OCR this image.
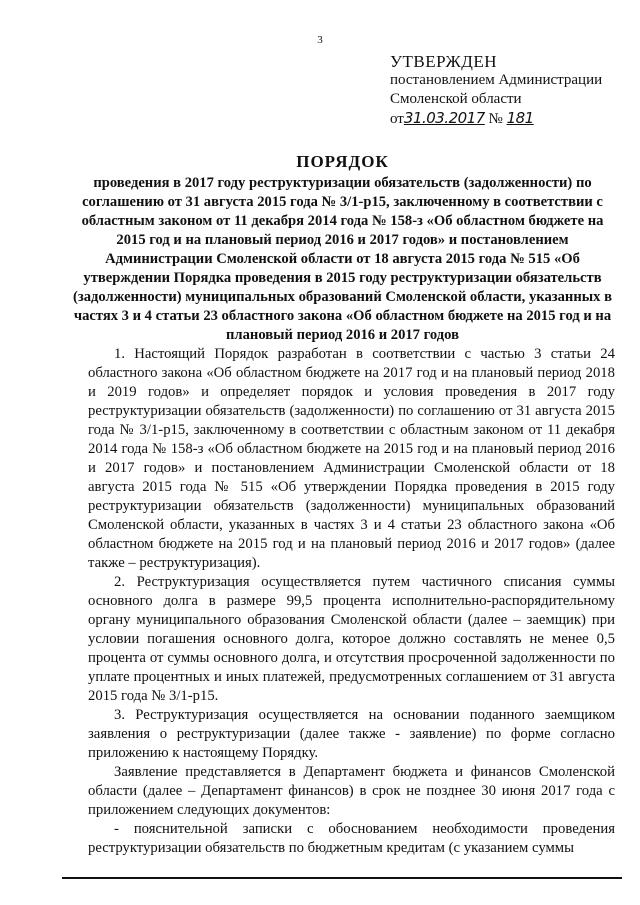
3
УТВЕРЖДЕН
постановлением Администрации
Смоленской области
от31.03.2017 № 181
ПОРЯДОК
проведения в 2017 году реструктуризации обязательств (задолженности) по соглашению от 31 августа 2015 года № 3/1-р15, заключенному в соответствии с областным законом от 11 декабря 2014 года № 158-з «Об областном бюджете на 2015 год и на плановый период 2016 и 2017 годов» и постановлением Администрации Смоленской области от 18 августа 2015 года № 515 «Об утверждении Порядка проведения в 2015 году реструктуризации обязательств (задолженности) муниципальных образований Смоленской области, указанных в частях 3 и 4 статьи 23 областного закона «Об областном бюджете на 2015 год и на плановый период 2016 и 2017 годов

1. Настоящий Порядок разработан в соответствии с частью 3 статьи 24 областного закона «Об областном бюджете на 2017 год и на плановый период 2018 и 2019 годов» и определяет порядок и условия проведения в 2017 году реструктуризации обязательств (задолженности) по соглашению от 31 августа 2015 года № 3/1-р15, заключенному в соответствии с областным законом от 11 декабря 2014 года № 158-з «Об областном бюджете на 2015 год и на плановый период 2016 и 2017 годов» и постановлением Администрации Смоленской области от 18 августа 2015 года № 515 «Об утверждении Порядка проведения в 2015 году реструктуризации обязательств (задолженности) муниципальных образований Смоленской области, указанных в частях 3 и 4 статьи 23 областного закона «Об областном бюджете на 2015 год и на плановый период 2016 и 2017 годов» (далее также – реструктуризация).

2. Реструктуризация осуществляется путем частичного списания суммы основного долга в размере 99,5 процента исполнительно-распорядительному органу муниципального образования Смоленской области (далее – заемщик) при условии погашения основного долга, которое должно составлять не менее 0,5 процента от суммы основного долга, и отсутствия просроченной задолженности по уплате процентных и иных платежей, предусмотренных соглашением от 31 августа 2015 года № 3/1-р15.

3. Реструктуризация осуществляется на основании поданного заемщиком заявления о реструктуризации (далее также - заявление) по форме согласно приложению к настоящему Порядку.

Заявление представляется в Департамент бюджета и финансов Смоленской области (далее – Департамент финансов) в срок не позднее 30 июня 2017 года с приложением следующих документов:

- пояснительной записки с обоснованием необходимости проведения реструктуризации обязательств по бюджетным кредитам (с указанием суммы
